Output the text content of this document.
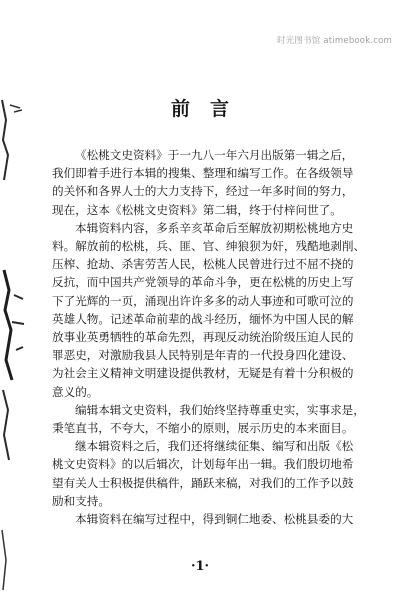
时光图书馆 atimebook.com
前言
《松桃文史资料》于一九八一年六月出版第一辑之后，
我们即着手进行本辑的搜集、整理和编写工作。在各级领导
的关怀和各界人士的大力支持下，经过一年多时间的努力，
现在，这本《松桃文史资料》第二辑，终于付梓问世了。
本辑资料内容，多系辛亥革命后至解放初期松桃地方史
料。解放前的松桃，兵、匪、官、绅狼狈为奸，残酷地剥削、
压榨、抢劫、杀害劳苦人民，松桃人民曾进行过不屈不挠的
反抗，而中国共产党领导的革命斗争，更在松桃的历史上写
下了光辉的一页，涌现出许许多多的动人事迹和可歌可泣的
英雄人物。记述革命前辈的战斗经历，缅怀为中国人民的解
放事业英勇牺牲的革命先烈，再现反动统治阶级压迫人民的
罪恶史，对激励我县人民特别是年青的一代投身四化建设、
为社会主义精神文明建设提供教材，无疑是有着十分积极的
意义的。
编辑本辑文史资料，我们始终坚持尊重史实，实事求是，
秉笔直书，不夸大，不缩小的原则，展示历史的本来面目。
继本辑资料之后，我们还将继续征集、编写和出版《松
桃文史资料》的以后辑次，计划每年出一辑。我们殷切地希
望有关人士积极提供稿件，踊跃来稿，对我们的工作予以鼓
励和支持。
本辑资料在编写过程中，得到铜仁地委、松桃县委的大
·1·
